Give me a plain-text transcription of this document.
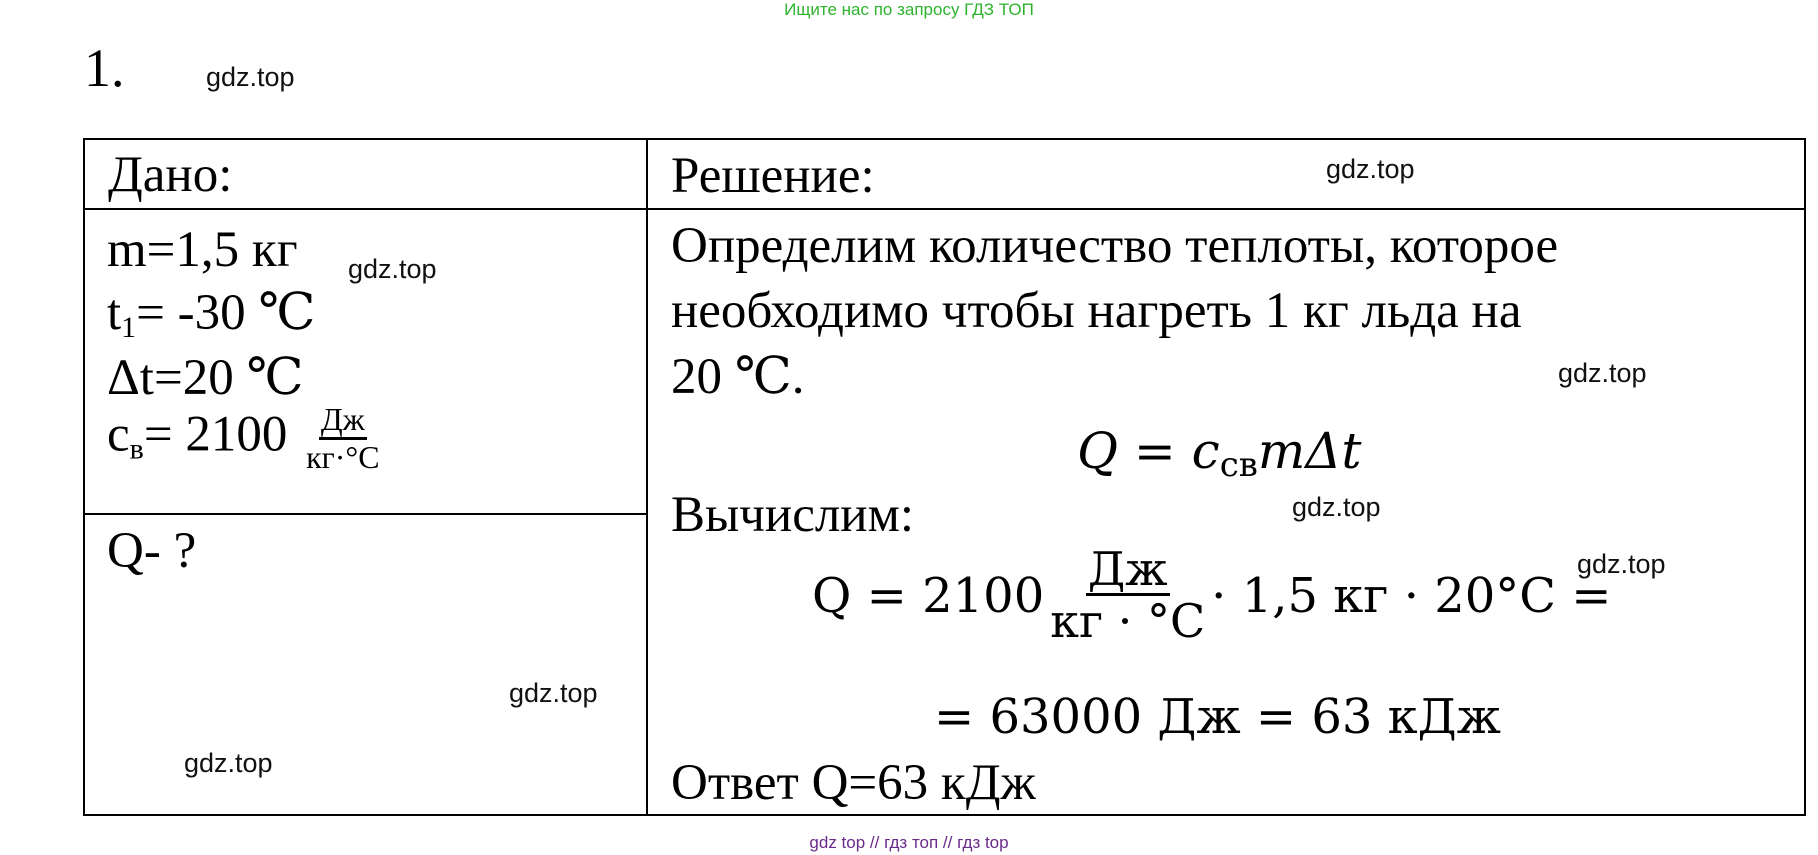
Ищите нас по запросу ГДЗ ТОП
1.	gdz.top
Дано:
m=1,5 кг
$t_1= -30$ ℃
Δt=20 ℃
$c_в= 2100 \frac{Дж}{кг\cdot^\circ C}$
Q- ?
gdz.top
gdz.top
gdz.top
Решение:
Определим количество теплоты, которое
необходимо чтобы нагреть 1 кг льда на
20 ℃.
$Q = c_{св}m\Delta t$
Вычислим:
$Q = 2100 \frac{Дж}{кг \cdot ^\circ C} \cdot 1,5$ кг · 20°C =
= 63000 Дж = 63 кДж
Ответ Q=63 кДж
gdz.top
gdz.top
gdz.top
gdz.top
gdz top // гдз топ // гдз top
